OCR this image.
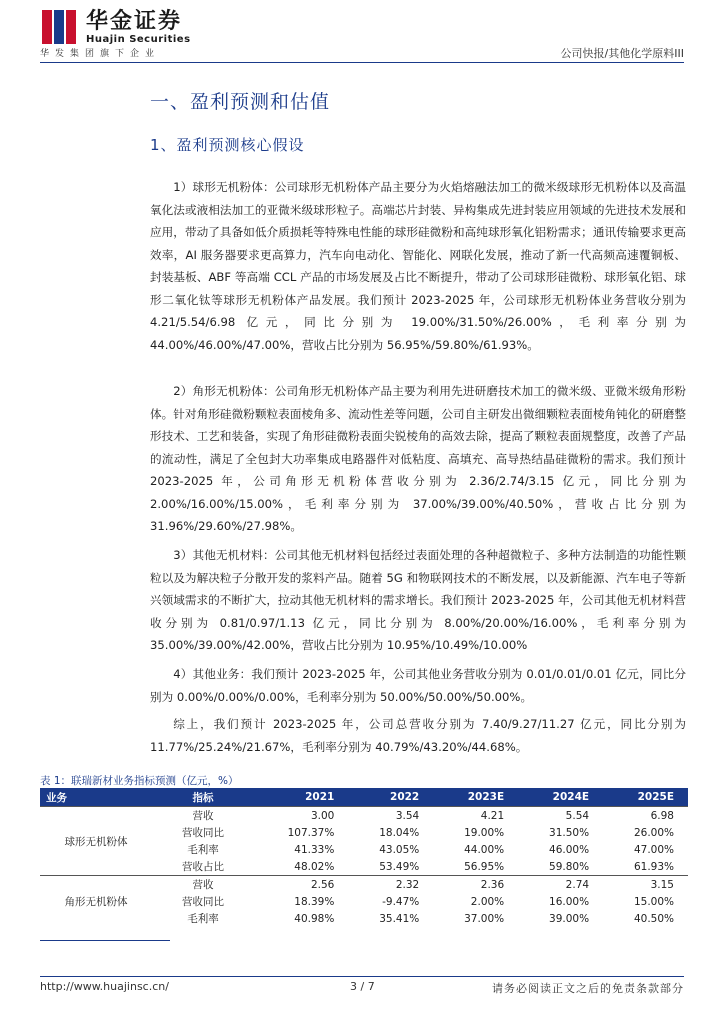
华金证券
Huajin Securities
华发集团旗下企业	公司快报/其他化学原料III
一、盈利预测和估值
1、盈利预测核心假设

1）球形无机粉体：公司球形无机粉体产品主要分为火焰熔融法加工的微米级球形无机粉体以及高温氧化法或液相法加工的亚微米级球形粒子。高端芯片封装、异构集成先进封装应用领域的先进技术发展和应用，带动了具备如低介质损耗等特殊电性能的球形硅微粉和高纯球形氧化铝粉需求；通讯传输要求更高效率，AI 服务器要求更高算力，汽车向电动化、智能化、网联化发展，推动了新一代高频高速覆铜板、封装基板、ABF 等高端 CCL 产品的市场发展及占比不断提升，带动了公司球形硅微粉、球形氧化铝、球形二氧化钛等球形无机粉体产品发展。我们预计 2023-2025 年，公司球形无机粉体业务营收分别为 4.21/5.54/6.98 亿元，同比分别为 19.00%/31.50%/26.00%，毛利率分别为 44.00%/46.00%/47.00%，营收占比分别为 56.95%/59.80%/61.93%。

2）角形无机粉体：公司角形无机粉体产品主要为利用先进研磨技术加工的微米级、亚微米级角形粉体。针对角形硅微粉颗粒表面棱角多、流动性差等问题，公司自主研发出微细颗粒表面棱角钝化的研磨整形技术、工艺和装备，实现了角形硅微粉表面尖锐棱角的高效去除，提高了颗粒表面规整度，改善了产品的流动性，满足了全包封大功率集成电路器件对低粘度、高填充、高导热结晶硅微粉的需求。我们预计 2023-2025 年，公司角形无机粉体营收分别为 2.36/2.74/3.15 亿元，同比分别为 2.00%/16.00%/15.00%，毛利率分别为 37.00%/39.00%/40.50%，营收占比分别为 31.96%/29.60%/27.98%。

3）其他无机材料：公司其他无机材料包括经过表面处理的各种超微粒子、多种方法制造的功能性颗粒以及为解决粒子分散开发的浆料产品。随着 5G 和物联网技术的不断发展，以及新能源、汽车电子等新兴领域需求的不断扩大，拉动其他无机材料的需求增长。我们预计 2023-2025 年，公司其他无机材料营收分别为 0.81/0.97/1.13 亿元，同比分别为 8.00%/20.00%/16.00%，毛利率分别为 35.00%/39.00%/42.00%，营收占比分别为 10.95%/10.49%/10.00%

4）其他业务：我们预计 2023-2025 年，公司其他业务营收分别为 0.01/0.01/0.01 亿元，同比分别为 0.00%/0.00%/0.00%，毛利率分别为 50.00%/50.00%/50.00%。

综上，我们预计 2023-2025 年，公司总营收分别为 7.40/9.27/11.27 亿元，同比分别为 11.77%/25.24%/21.67%，毛利率分别为 40.79%/43.20%/44.68%。

表 1：联瑞新材业务指标预测（亿元，%）
业务	指标	2021	2022	2023E	2024E	2025E
球形无机粉体	营收	3.00	3.54	4.21	5.54	6.98
	营收同比	107.37%	18.04%	19.00%	31.50%	26.00%
	毛利率	41.33%	43.05%	44.00%	46.00%	47.00%
	营收占比	48.02%	53.49%	56.95%	59.80%	61.93%
角形无机粉体	营收	2.56	2.32	2.36	2.74	3.15
	营收同比	18.39%	-9.47%	2.00%	16.00%	15.00%
	毛利率	40.98%	35.41%	37.00%	39.00%	40.50%
http://www.huajinsc.cn/	3 / 7	请务必阅读正文之后的免责条款部分
